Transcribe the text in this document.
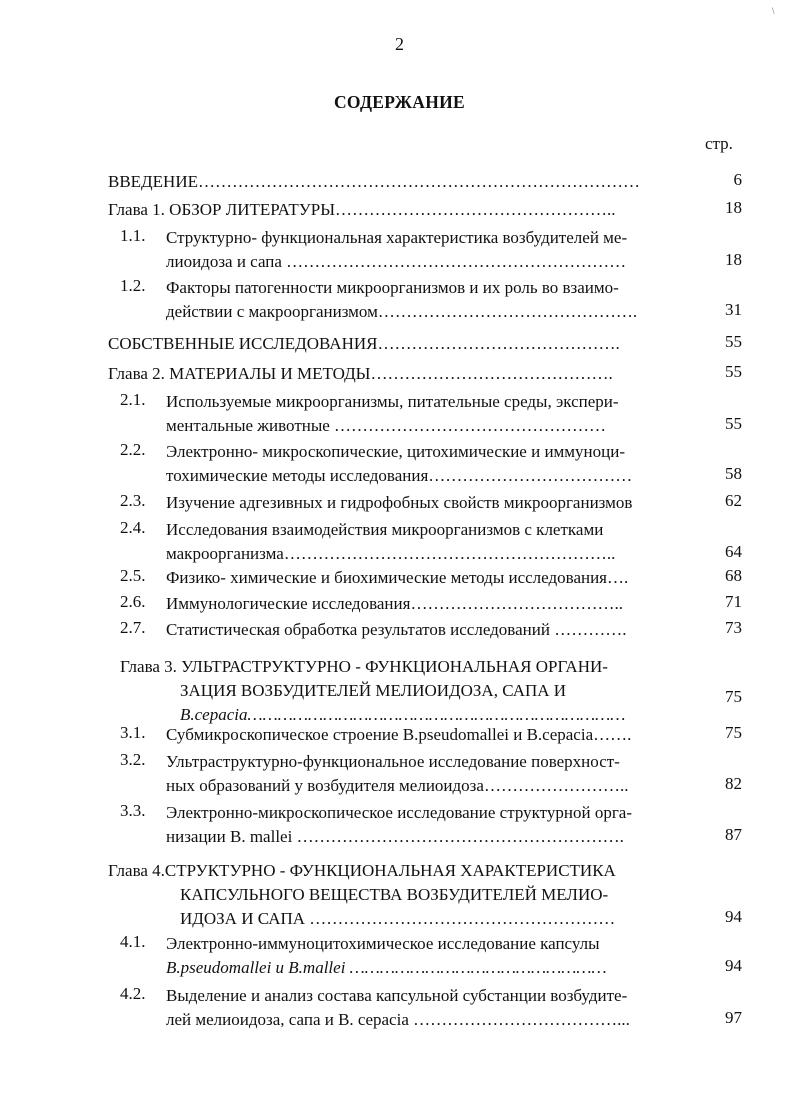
2
СОДЕРЖАНИЕ
стр.
\
ВВЕДЕНИЕ……………………………………………………………………	6
Глава 1. ОБЗОР ЛИТЕРАТУРЫ…………………………………………..	18
1.1. Структурно- функциональная характеристика возбудителей ме-
лиоидоза и сапа ……………………………………………………	18
1.2. Факторы патогенности микроорганизмов и их роль во взаимо-
действии с макроорганизмом……………………………………….	31
СОБСТВЕННЫЕ ИССЛЕДОВАНИЯ…………………………………….	55
Глава 2. МАТЕРИАЛЫ И МЕТОДЫ…………………………………….	55
2.1. Используемые микроорганизмы, питательные среды, экспери-
ментальные животные …………………………………………	55
2.2. Электронно- микроскопические, цитохимические и иммуноци-
тохимические методы исследования………………………………	58
2.3. Изучение адгезивных и гидрофобных свойств микроорганизмов	62
2.4. Исследования взаимодействия микроорганизмов с клетками
макроорганизма…………………………………………………..	64
2.5. Физико- химические и биохимические методы исследования….	68
2.6. Иммунологические исследования………………………………..	71
2.7. Статистическая обработка результатов исследований ………….	73
Глава 3. УЛЬТРАСТРУКТУРНО - ФУНКЦИОНАЛЬНАЯ ОРГАНИ-
ЗАЦИЯ ВОЗБУДИТЕЛЕЙ МЕЛИОИДОЗА, САПА И
B.cepacia…………………………………………………………………
75
3.1. Субмикроскопическое строение B.pseudomallei и B.cepacia…….	75
3.2. Ультраструктурно-функциональное исследование поверхност-
ных образований у возбудителя мелиоидоза……………………..	82
3.3. Электронно-микроскопическое исследование структурной орга-
низации B. mallei ………………………………………………….	87
Глава 4.СТРУКТУРНО - ФУНКЦИОНАЛЬНАЯ ХАРАКТЕРИСТИКА
КАПСУЛЬНОГО ВЕЩЕСТВА ВОЗБУДИТЕЛЕЙ МЕЛИО-
ИДОЗА И САПА ………………………………………………	94
4.1. Электронно-иммуноцитохимическое исследование капсулы
B.pseudomallei и B.mallei ……………………………………………	94
4.2. Выделение и анализ состава капсульной субстанции возбудите-
лей мелиоидоза, сапа и B. cepacia ………………………………...	97
